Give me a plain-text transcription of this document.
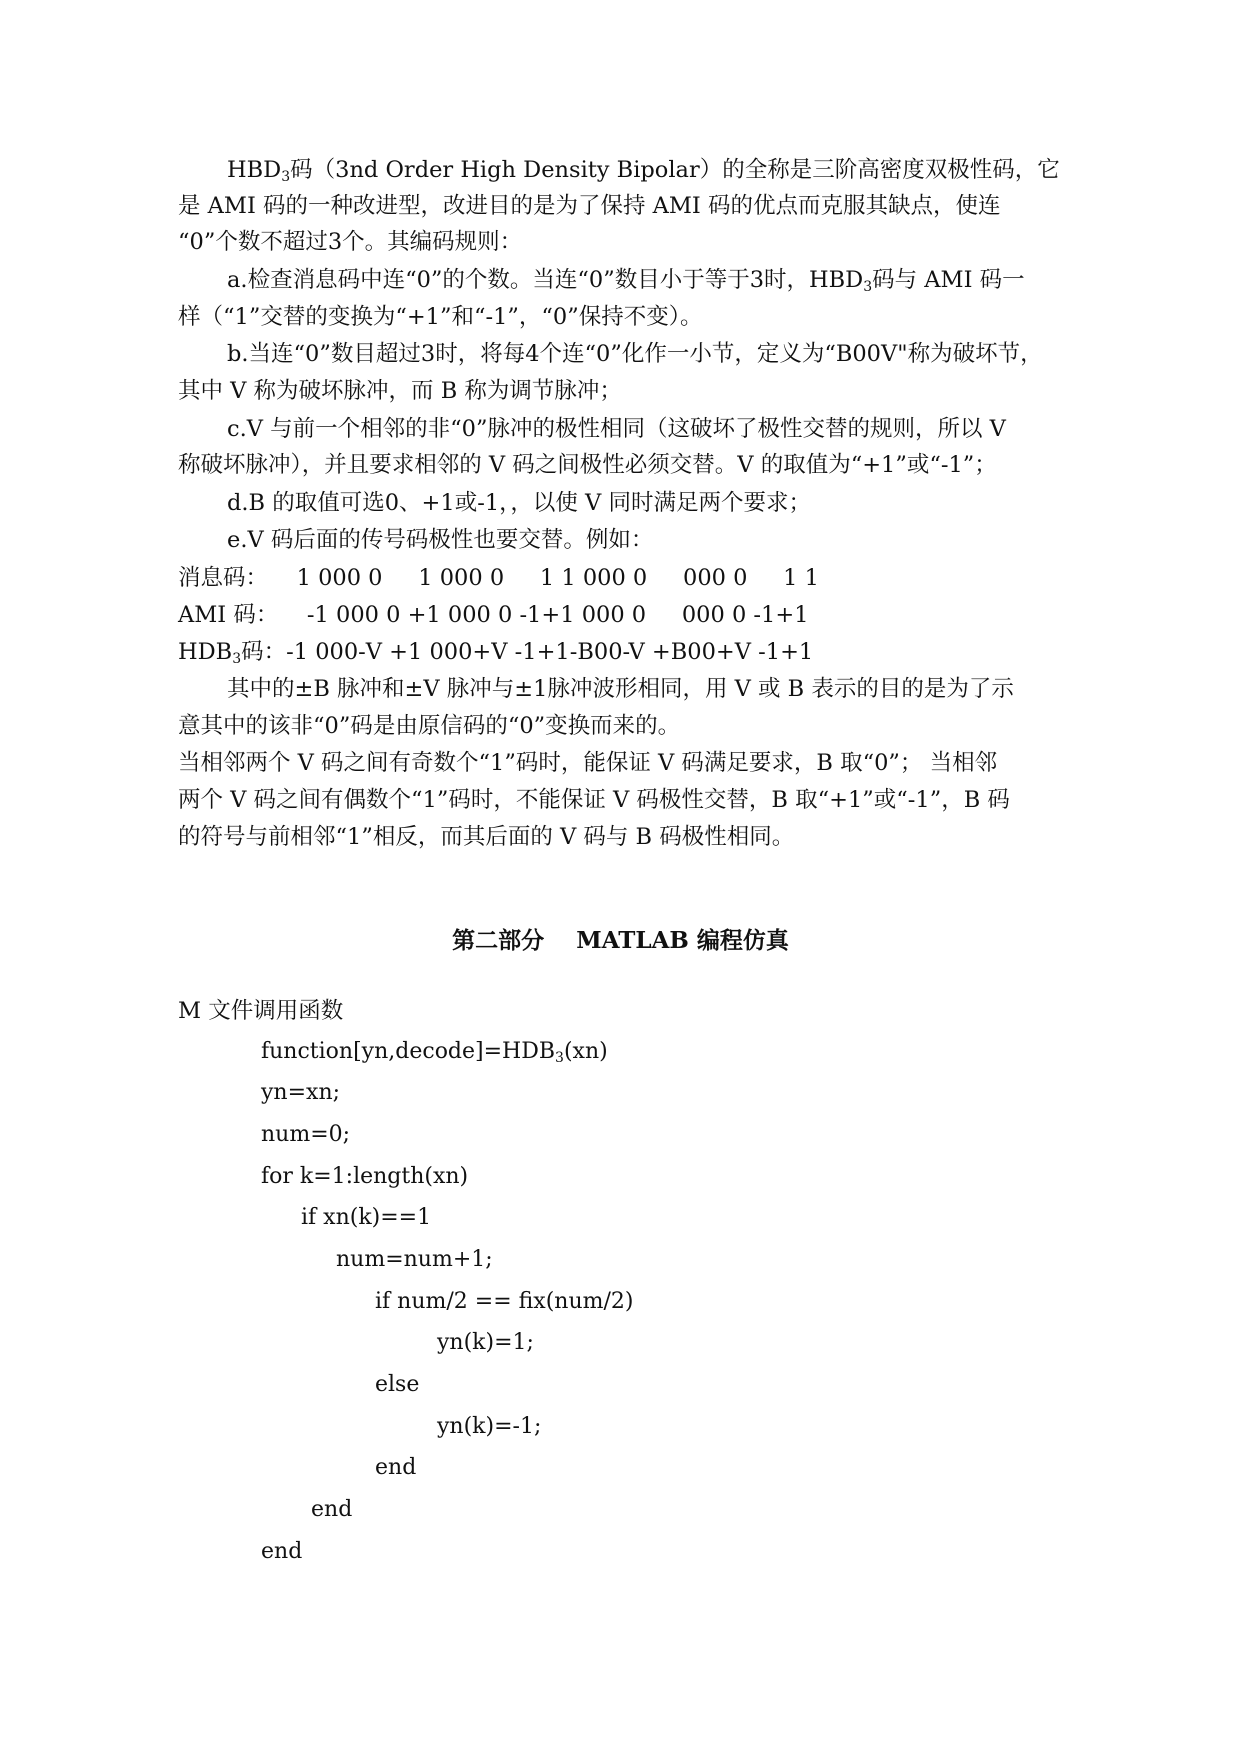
$HBD_3$码（3nd Order High Density Bipolar）的全称是三阶高密度双极性码，它
是 AMI 码的一种改进型，改进目的是为了保持 AMI 码的优点而克服其缺点，使连
“0”个数不超过3个。其编码规则：
a.检查消息码中连“0”的个数。当连“0”数目小于等于3时，$HBD_3$码与 AMI 码一
样（“1”交替的变换为“+1”和“-1”，“0”保持不变）。
b.当连“0”数目超过3时，将每4个连“0”化作一小节，定义为“B00V"称为破坏节，
其中 V 称为破坏脉冲，而 B 称为调节脉冲；
c.V 与前一个相邻的非“0”脉冲的极性相同（这破坏了极性交替的规则，所以 V
称破坏脉冲），并且要求相邻的 V 码之间极性必须交替。V 的取值为“+1”或“-1”；
d.B 的取值可选0、+1或-1，，以使 V 同时满足两个要求；
e.V 码后面的传号码极性也要交替。例如：
消息码：    1 000 0     1 000 0     1 1 000 0     000 0     1 1
AMI 码：    -1 000 0 +1 000 0 -1+1 000 0     000 0 -1+1
$HDB_3$码：-1 000-V +1 000+V -1+1-B00-V +B00+V -1+1
其中的±B 脉冲和±V 脉冲与±1脉冲波形相同，用 V 或 B 表示的目的是为了示
意其中的该非“0”码是由原信码的“0”变换而来的。
当相邻两个 V 码之间有奇数个“1”码时，能保证 V 码满足要求，B 取“0”； 当相邻
两个 V 码之间有偶数个“1”码时，不能保证 V 码极性交替，B 取“+1”或“-1”，B 码
的符号与前相邻“1”相反，而其后面的 V 码与 B 码极性相同。
第二部分    MATLAB 编程仿真
M 文件调用函数
$function[yn,decode]=HDB_3(xn)$
yn=xn;
num=0;
for k=1:length(xn)
if xn(k)==1
num=num+1;
if num/2 == fix(num/2)
yn(k)=1;
else
yn(k)=-1;
end
end
end
